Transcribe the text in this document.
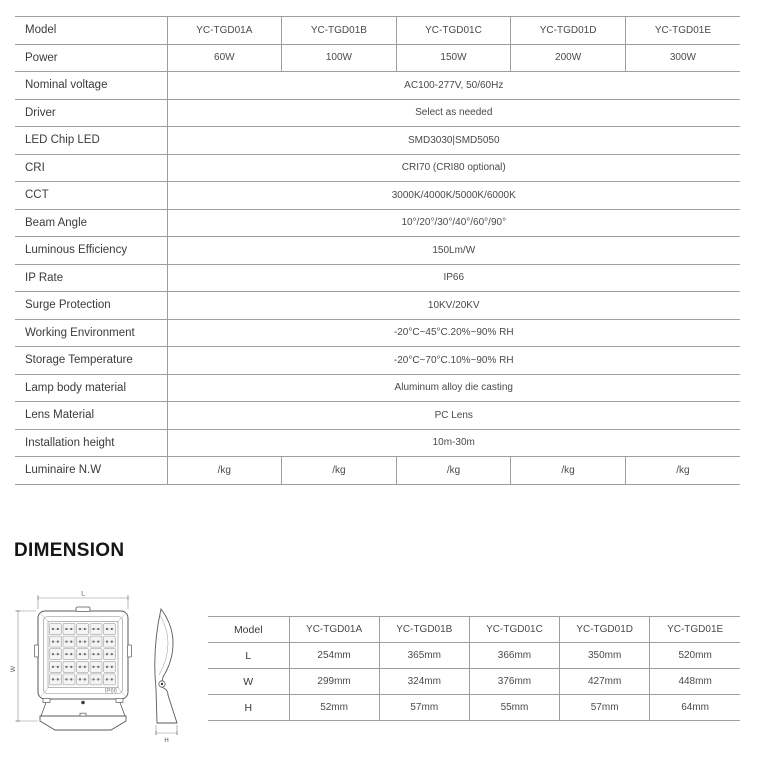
Model	YC-TGD01A	YC-TGD01B	YC-TGD01C	YC-TGD01D	YC-TGD01E
Power	60W	100W	150W	200W	300W
Nominal voltage	AC100-277V, 50/60Hz				
Driver	Select as needed				
LED Chip LED	SMD3030|SMD5050				
CRI	CRI70 (CRI80 optional)				
CCT	3000K/4000K/5000K/6000K				
Beam Angle	10°/20°/30°/40°/60°/90°				
Luminous Efficiency	150Lm/W				
IP Rate	IP66				
Surge Protection	10KV/20KV				
Working Environment	-20°C~45°C.20%~90% RH				
Storage Temperature	-20°C~70°C.10%~90% RH				
Lamp body material	Aluminum alloy die casting				
Lens Material	PC Lens				
Installation height	10m-30m				
Luminaire N.W	/kg	/kg	/kg	/kg	/kg
DIMENSION
L
W
IP66
H
Model	YC-TGD01A	YC-TGD01B	YC-TGD01C	YC-TGD01D	YC-TGD01E
L	254mm	365mm	366mm	350mm	520mm
W	299mm	324mm	376mm	427mm	448mm
H	52mm	57mm	55mm	57mm	64mm
